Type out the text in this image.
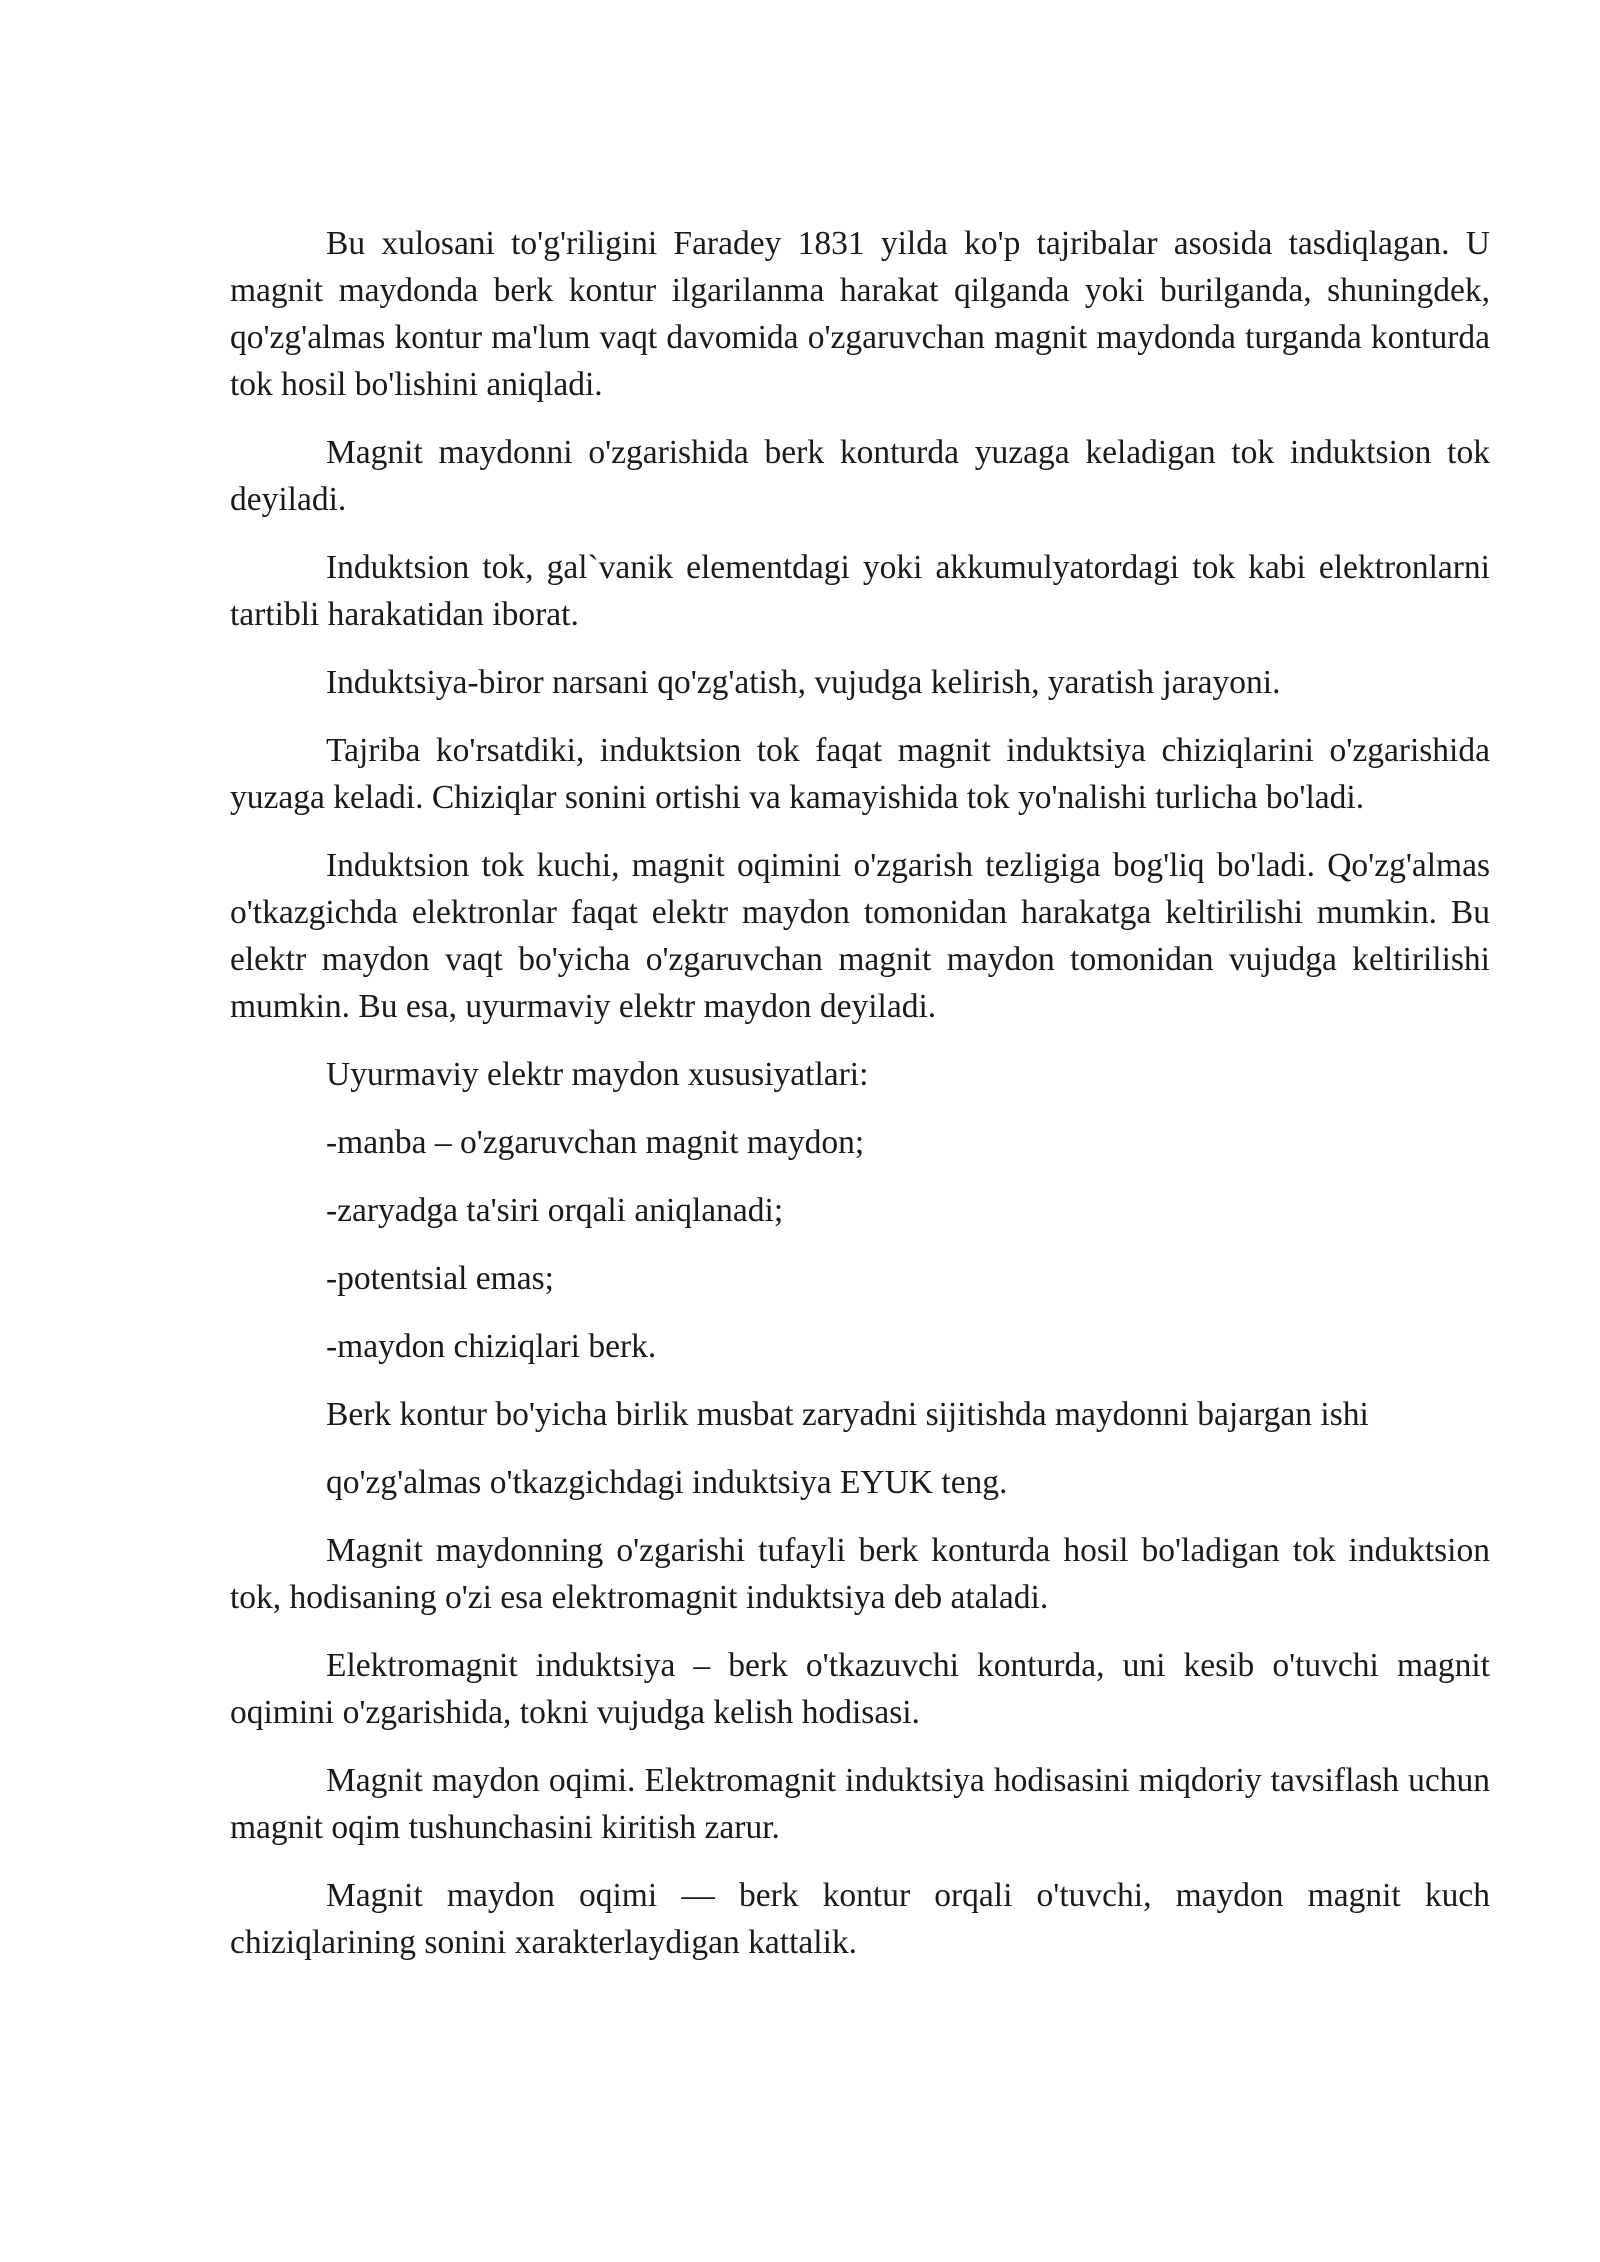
Bu xulosani to'g'riligini Faradey 1831 yilda ko'p tajribalar asosida tasdiqlagan. U magnit maydonda berk kontur ilgarilanma harakat qilganda yoki burilganda, shuningdek, qo'zg'almas kontur ma'lum vaqt davomida o'zgaruvchan magnit maydonda turganda konturda tok hosil bo'lishini aniqladi.

Magnit maydonni o'zgarishida berk konturda yuzaga keladigan tok induktsion tok deyiladi.

Induktsion tok, gal`vanik elementdagi yoki akkumulyatordagi tok kabi elektronlarni tartibli harakatidan iborat.

Induktsiya-biror narsani qo'zg'atish, vujudga kelirish, yaratish jarayoni.

Tajriba ko'rsatdiki, induktsion tok faqat magnit induktsiya chiziqlarini o'zgarishida yuzaga keladi. Chiziqlar sonini ortishi va kamayishida tok yo'nalishi turlicha bo'ladi.

Induktsion tok kuchi, magnit oqimini o'zgarish tezligiga bog'liq bo'ladi. Qo'zg'almas o'tkazgichda elektronlar faqat elektr maydon tomonidan harakatga keltirilishi mumkin. Bu elektr maydon vaqt bo'yicha o'zgaruvchan magnit maydon tomonidan vujudga keltirilishi mumkin. Bu esa, uyurmaviy elektr maydon deyiladi.

Uyurmaviy elektr maydon xususiyatlari:

-manba – o'zgaruvchan magnit maydon;

-zaryadga ta'siri orqali aniqlanadi;

-potentsial emas;

-maydon chiziqlari berk.

Berk kontur bo'yicha birlik musbat zaryadni sijitishda maydonni bajargan ishi

qo'zg'almas o'tkazgichdagi induktsiya EYUK teng.

Magnit maydonning o'zgarishi tufayli berk konturda hosil bo'ladigan tok induktsion tok, hodisaning o'zi esa elektromagnit induktsiya deb ataladi.

Elektromagnit induktsiya – berk o'tkazuvchi konturda, uni kesib o'tuvchi magnit oqimini o'zgarishida, tokni vujudga kelish hodisasi.

Magnit maydon oqimi. Elektromagnit induktsiya hodisasini miqdoriy tavsiflash uchun magnit oqim tushunchasini kiritish zarur.

Magnit maydon oqimi — berk kontur orqali o'tuvchi, maydon magnit kuch chiziqlarining sonini xarakterlaydigan kattalik.
